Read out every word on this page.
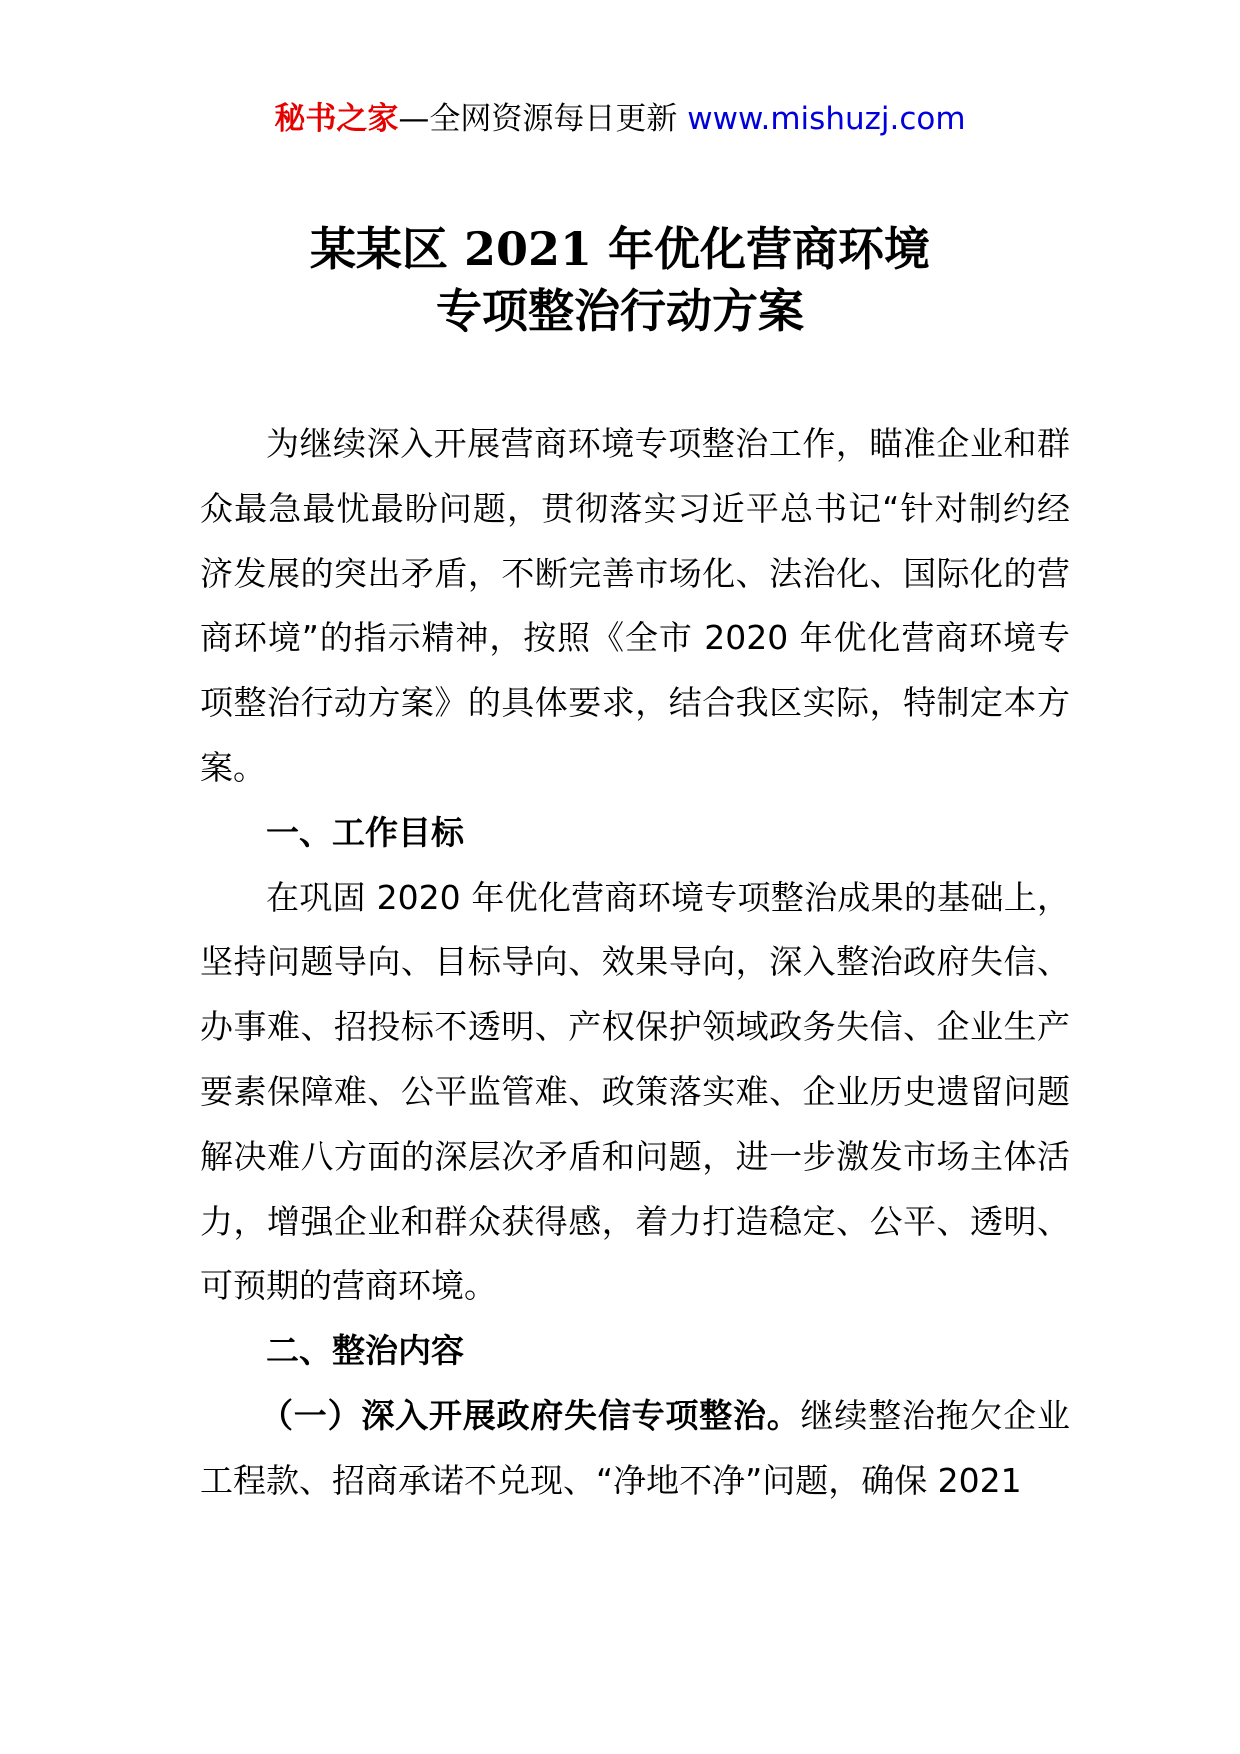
秘书之家—全网资源每日更新 www.mishuzj.com
某某区 2021 年优化营商环境
专项整治行动方案

为继续深入开展营商环境专项整治工作，瞄准企业和群众最急最忧最盼问题，贯彻落实习近平总书记“针对制约经济发展的突出矛盾，不断完善市场化、法治化、国际化的营商环境”的指示精神，按照《全市 2020 年优化营商环境专项整治行动方案》的具体要求，结合我区实际，特制定本方案。

一、工作目标

在巩固 2020 年优化营商环境专项整治成果的基础上，坚持问题导向、目标导向、效果导向，深入整治政府失信、办事难、招投标不透明、产权保护领域政务失信、企业生产要素保障难、公平监管难、政策落实难、企业历史遗留问题解决难八方面的深层次矛盾和问题，进一步激发市场主体活力，增强企业和群众获得感，着力打造稳定、公平、透明、可预期的营商环境。

二、整治内容

（一）深入开展政府失信专项整治。继续整治拖欠企业工程款、招商承诺不兑现、“净地不净”问题，确保 2021
